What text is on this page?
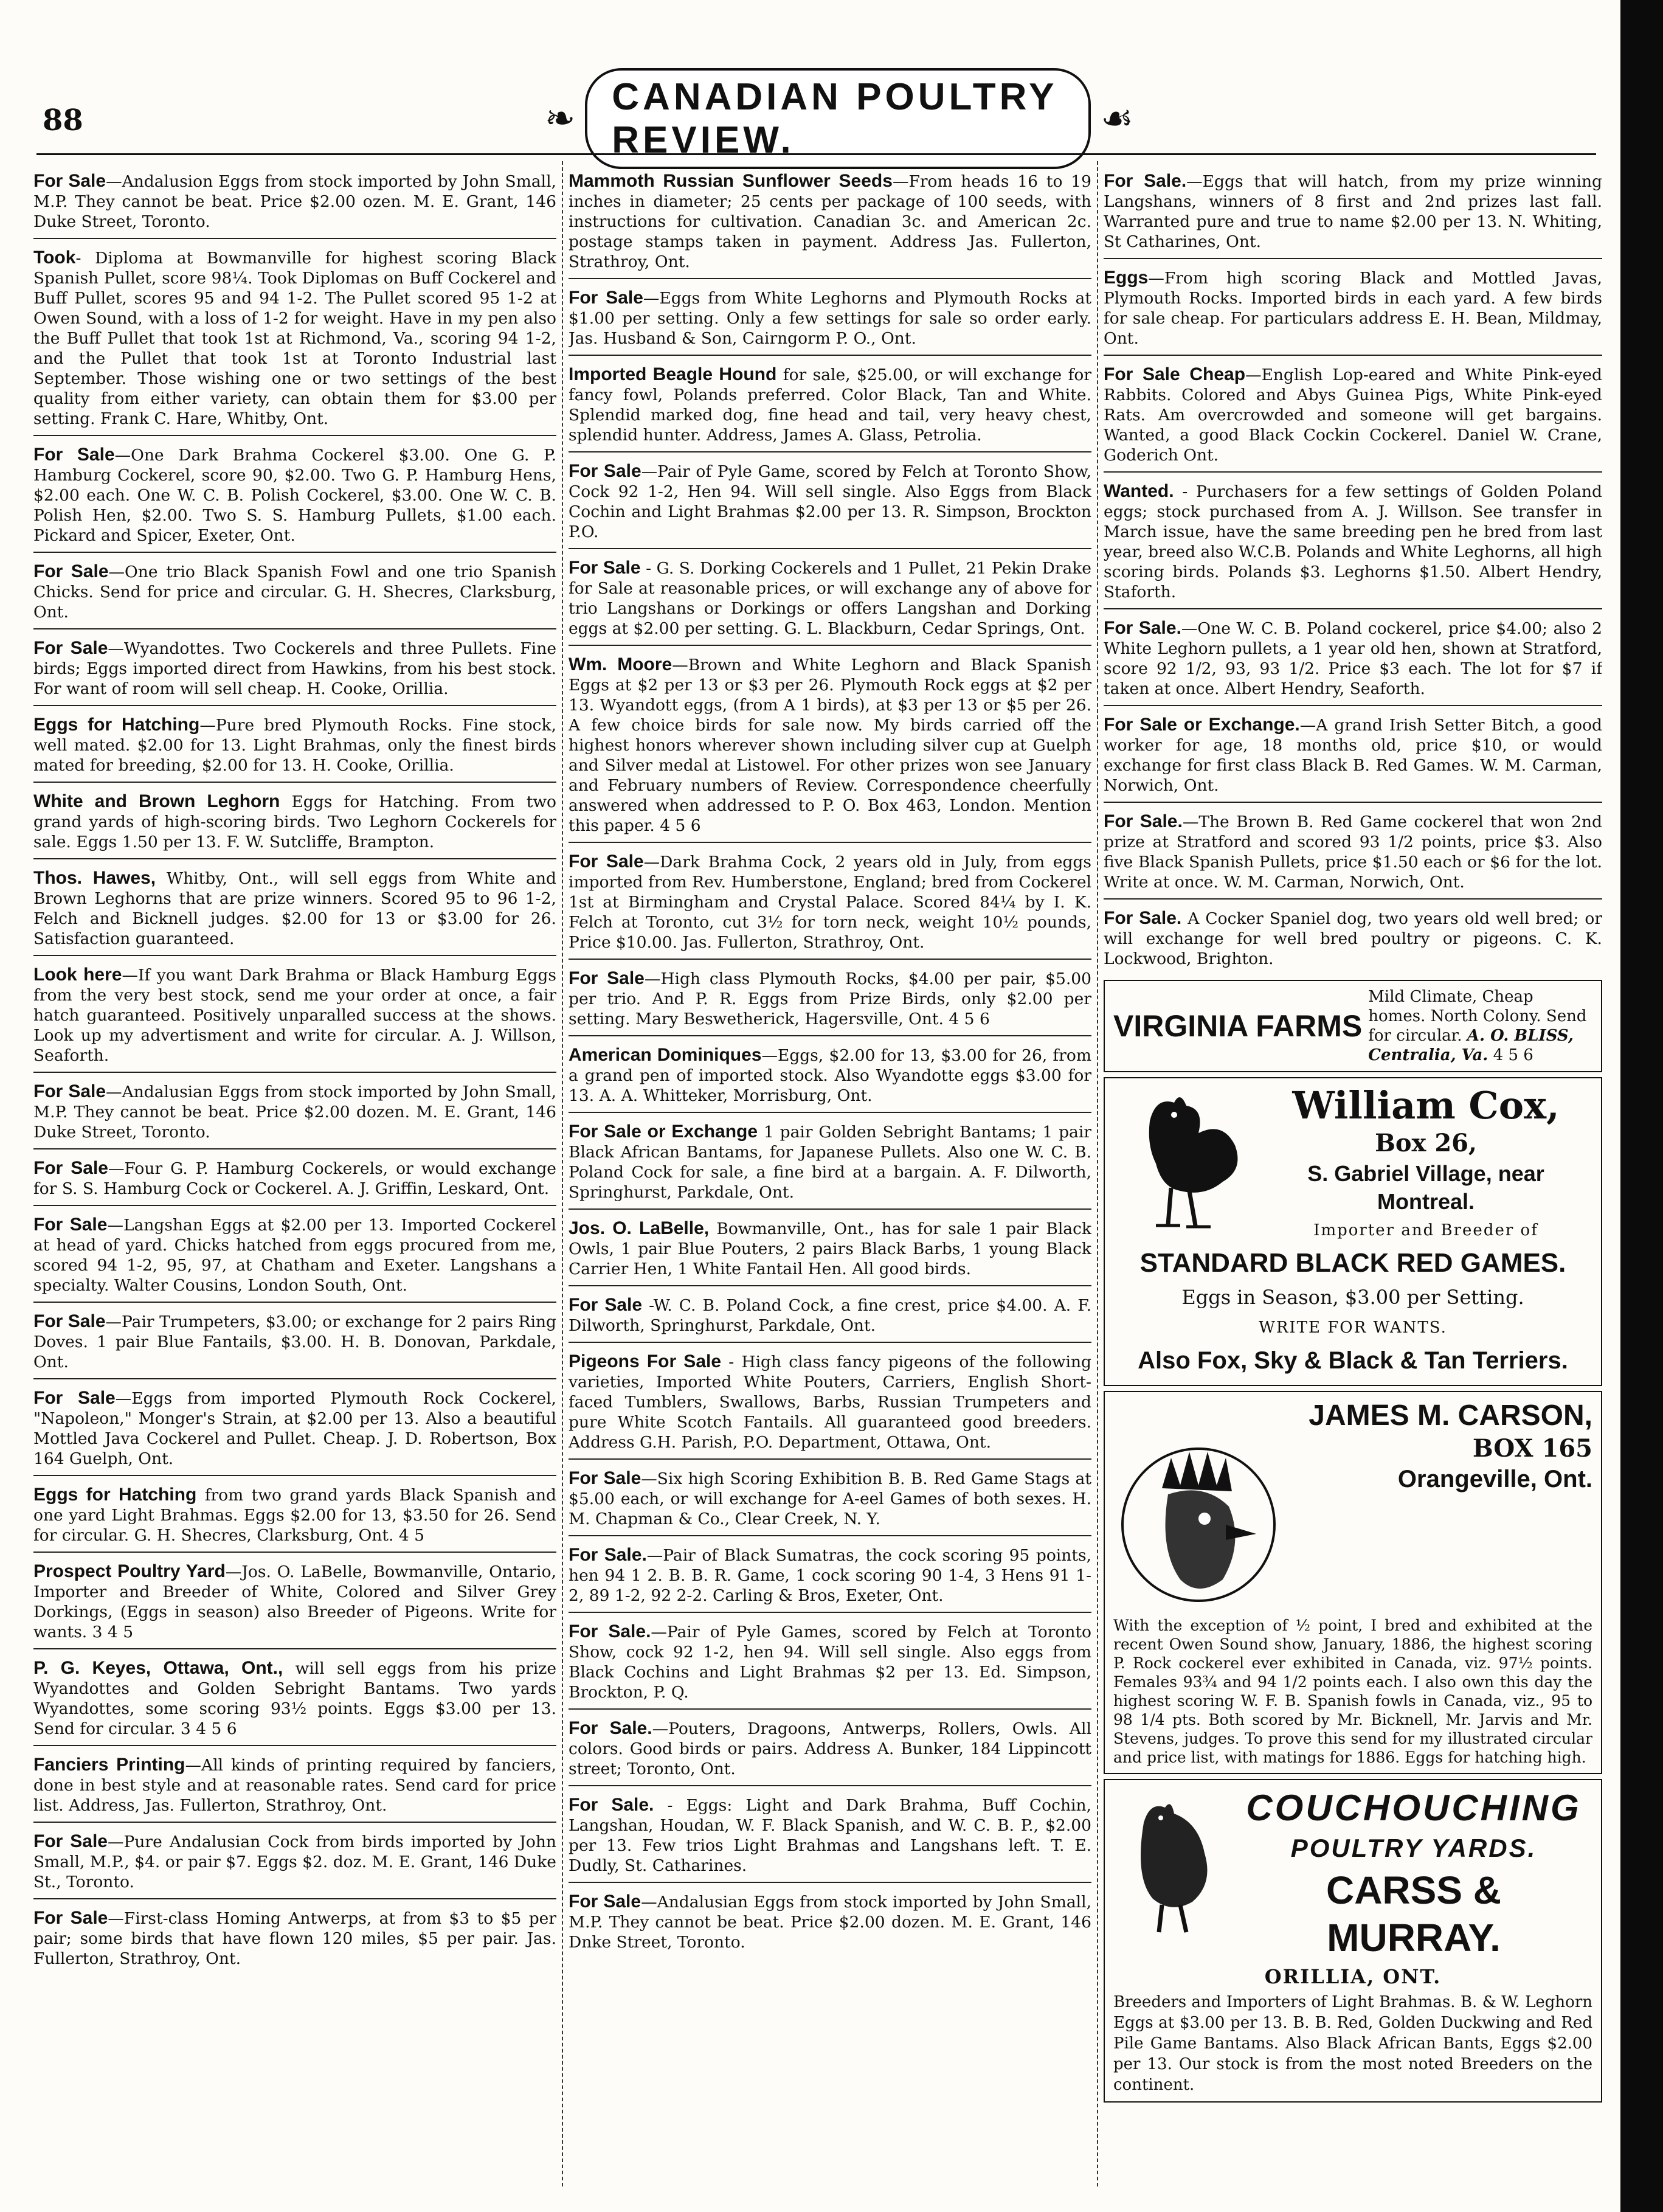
88	❧
CANADIAN POULTRY REVIEW.
☙
For Sale—Andalusion Eggs from stock imported by John Small, M.P. They cannot be beat. Price $2.00 ozen. M. E. Grant, 146 Duke Street, Toronto.
Took- Diploma at Bowmanville for highest scoring Black Spanish Pullet, score 98¼. Took Diplomas on Buff Cockerel and Buff Pullet, scores 95 and 94 1-2. The Pullet scored 95 1-2 at Owen Sound, with a loss of 1-2 for weight. Have in my pen also the Buff Pullet that took 1st at Richmond, Va., scoring 94 1-2, and the Pullet that took 1st at Toronto Industrial last September. Those wishing one or two settings of the best quality from either variety, can obtain them for $3.00 per setting. Frank C. Hare, Whitby, Ont.
For Sale—One Dark Brahma Cockerel $3.00. One G. P. Hamburg Cockerel, score 90, $2.00. Two G. P. Hamburg Hens, $2.00 each. One W. C. B. Polish Cockerel, $3.00. One W. C. B. Polish Hen, $2.00. Two S. S. Hamburg Pullets, $1.00 each. Pickard and Spicer, Exeter, Ont.
For Sale—One trio Black Spanish Fowl and one trio Spanish Chicks. Send for price and circular. G. H. Shecres, Clarksburg, Ont.
For Sale—Wyandottes. Two Cockerels and three Pullets. Fine birds; Eggs imported direct from Hawkins, from his best stock. For want of room will sell cheap. H. Cooke, Orillia.
Eggs for Hatching—Pure bred Plymouth Rocks. Fine stock, well mated. $2.00 for 13. Light Brahmas, only the finest birds mated for breeding, $2.00 for 13. H. Cooke, Orillia.
White and Brown Leghorn Eggs for Hatching. From two grand yards of high-scoring birds. Two Leghorn Cockerels for sale. Eggs 1.50 per 13. F. W. Sutcliffe, Brampton.
Thos. Hawes, Whitby, Ont., will sell eggs from White and Brown Leghorns that are prize winners. Scored 95 to 96 1-2, Felch and Bicknell judges. $2.00 for 13 or $3.00 for 26. Satisfaction guaranteed.
Look here—If you want Dark Brahma or Black Hamburg Eggs from the very best stock, send me your order at once, a fair hatch guaranteed. Positively unparalled success at the shows. Look up my advertisment and write for circular. A. J. Willson, Seaforth.
For Sale—Andalusian Eggs from stock imported by John Small, M.P. They cannot be beat. Price $2.00 dozen. M. E. Grant, 146 Duke Street, Toronto.
For Sale—Four G. P. Hamburg Cockerels, or would exchange for S. S. Hamburg Cock or Cockerel. A. J. Griffin, Leskard, Ont.
For Sale—Langshan Eggs at $2.00 per 13. Imported Cockerel at head of yard. Chicks hatched from eggs procured from me, scored 94 1-2, 95, 97, at Chatham and Exeter. Langshans a specialty. Walter Cousins, London South, Ont.
For Sale—Pair Trumpeters, $3.00; or exchange for 2 pairs Ring Doves. 1 pair Blue Fantails, $3.00. H. B. Donovan, Parkdale, Ont.
For Sale—Eggs from imported Plymouth Rock Cockerel, "Napoleon," Monger's Strain, at $2.00 per 13. Also a beautiful Mottled Java Cockerel and Pullet. Cheap. J. D. Robertson, Box 164 Guelph, Ont.
Eggs for Hatching from two grand yards Black Spanish and one yard Light Brahmas. Eggs $2.00 for 13, $3.50 for 26. Send for circular. G. H. Shecres, Clarksburg, Ont. 4 5
Prospect Poultry Yard—Jos. O. LaBelle, Bowmanville, Ontario, Importer and Breeder of White, Colored and Silver Grey Dorkings, (Eggs in season) also Breeder of Pigeons. Write for wants. 3 4 5
P. G. Keyes, Ottawa, Ont., will sell eggs from his prize Wyandottes and Golden Sebright Bantams. Two yards Wyandottes, some scoring 93½ points. Eggs $3.00 per 13. Send for circular. 3 4 5 6
Fanciers Printing—All kinds of printing required by fanciers, done in best style and at reasonable rates. Send card for price list. Address, Jas. Fullerton, Strathroy, Ont.
For Sale—Pure Andalusian Cock from birds imported by John Small, M.P., $4. or pair $7. Eggs $2. doz. M. E. Grant, 146 Duke St., Toronto.
For Sale—First-class Homing Antwerps, at from $3 to $5 per pair; some birds that have flown 120 miles, $5 per pair. Jas. Fullerton, Strathroy, Ont.
Mammoth Russian Sunflower Seeds—From heads 16 to 19 inches in diameter; 25 cents per package of 100 seeds, with instructions for cultivation. Canadian 3c. and American 2c. postage stamps taken in payment. Address Jas. Fullerton, Strathroy, Ont.
For Sale—Eggs from White Leghorns and Plymouth Rocks at $1.00 per setting. Only a few settings for sale so order early. Jas. Husband & Son, Cairngorm P. O., Ont.
Imported Beagle Hound for sale, $25.00, or will exchange for fancy fowl, Polands preferred. Color Black, Tan and White. Splendid marked dog, fine head and tail, very heavy chest, splendid hunter. Address, James A. Glass, Petrolia.
For Sale—Pair of Pyle Game, scored by Felch at Toronto Show, Cock 92 1-2, Hen 94. Will sell single. Also Eggs from Black Cochin and Light Brahmas $2.00 per 13. R. Simpson, Brockton P.O.
For Sale - G. S. Dorking Cockerels and 1 Pullet, 21 Pekin Drake for Sale at reasonable prices, or will exchange any of above for trio Langshans or Dorkings or offers Langshan and Dorking eggs at $2.00 per setting. G. L. Blackburn, Cedar Springs, Ont.
Wm. Moore—Brown and White Leghorn and Black Spanish Eggs at $2 per 13 or $3 per 26. Plymouth Rock eggs at $2 per 13. Wyandott eggs, (from A 1 birds), at $3 per 13 or $5 per 26. A few choice birds for sale now. My birds carried off the highest honors wherever shown including silver cup at Guelph and Silver medal at Listowel. For other prizes won see January and February numbers of Review. Correspondence cheerfully answered when addressed to P. O. Box 463, London. Mention this paper. 4 5 6
For Sale—Dark Brahma Cock, 2 years old in July, from eggs imported from Rev. Humberstone, England; bred from Cockerel 1st at Birmingham and Crystal Palace. Scored 84¼ by I. K. Felch at Toronto, cut 3½ for torn neck, weight 10½ pounds, Price $10.00. Jas. Fullerton, Strathroy, Ont.
For Sale—High class Plymouth Rocks, $4.00 per pair, $5.00 per trio. And P. R. Eggs from Prize Birds, only $2.00 per setting. Mary Beswetherick, Hagersville, Ont. 4 5 6
American Dominiques—Eggs, $2.00 for 13, $3.00 for 26, from a grand pen of imported stock. Also Wyandotte eggs $3.00 for 13. A. A. Whitteker, Morrisburg, Ont.
For Sale or Exchange 1 pair Golden Sebright Bantams; 1 pair Black African Bantams, for Japanese Pullets. Also one W. C. B. Poland Cock for sale, a fine bird at a bargain. A. F. Dilworth, Springhurst, Parkdale, Ont.
Jos. O. LaBelle, Bowmanville, Ont., has for sale 1 pair Black Owls, 1 pair Blue Pouters, 2 pairs Black Barbs, 1 young Black Carrier Hen, 1 White Fantail Hen. All good birds.
For Sale -W. C. B. Poland Cock, a fine crest, price $4.00. A. F. Dilworth, Springhurst, Parkdale, Ont.
Pigeons For Sale - High class fancy pigeons of the following varieties, Imported White Pouters, Carriers, English Short-faced Tumblers, Swallows, Barbs, Russian Trumpeters and pure White Scotch Fantails. All guaranteed good breeders. Address G.H. Parish, P.O. Department, Ottawa, Ont.
For Sale—Six high Scoring Exhibition B. B. Red Game Stags at $5.00 each, or will exchange for A-eel Games of both sexes. H. M. Chapman & Co., Clear Creek, N. Y.
For Sale.—Pair of Black Sumatras, the cock scoring 95 points, hen 94 1 2. B. B. R. Game, 1 cock scoring 90 1-4, 3 Hens 91 1-2, 89 1-2, 92 2-2. Carling & Bros, Exeter, Ont.
For Sale.—Pair of Pyle Games, scored by Felch at Toronto Show, cock 92 1-2, hen 94. Will sell single. Also eggs from Black Cochins and Light Brahmas $2 per 13. Ed. Simpson, Brockton, P. Q.
For Sale.—Pouters, Dragoons, Antwerps, Rollers, Owls. All colors. Good birds or pairs. Address A. Bunker, 184 Lippincott street; Toronto, Ont.
For Sale. - Eggs: Light and Dark Brahma, Buff Cochin, Langshan, Houdan, W. F. Black Spanish, and W. C. B. P., $2.00 per 13. Few trios Light Brahmas and Langshans left. T. E. Dudly, St. Catharines.
For Sale—Andalusian Eggs from stock imported by John Small, M.P. They cannot be beat. Price $2.00 dozen. M. E. Grant, 146 Dnke Street, Toronto.
For Sale.—Eggs that will hatch, from my prize winning Langshans, winners of 8 first and 2nd prizes last fall. Warranted pure and true to name $2.00 per 13. N. Whiting, St Catharines, Ont.
Eggs—From high scoring Black and Mottled Javas, Plymouth Rocks. Imported birds in each yard. A few birds for sale cheap. For particulars address E. H. Bean, Mildmay, Ont.
For Sale Cheap—English Lop-eared and White Pink-eyed Rabbits. Colored and Abys Guinea Pigs, White Pink-eyed Rats. Am overcrowded and someone will get bargains. Wanted, a good Black Cockin Cockerel. Daniel W. Crane, Goderich Ont.
Wanted. - Purchasers for a few settings of Golden Poland eggs; stock purchased from A. J. Willson. See transfer in March issue, have the same breeding pen he bred from last year, breed also W.C.B. Polands and White Leghorns, all high scoring birds. Polands $3. Leghorns $1.50. Albert Hendry, Staforth.
For Sale.—One W. C. B. Poland cockerel, price $4.00; also 2 White Leghorn pullets, a 1 year old hen, shown at Stratford, score 92 1/2, 93, 93 1/2. Price $3 each. The lot for $7 if taken at once. Albert Hendry, Seaforth.
For Sale or Exchange.—A grand Irish Setter Bitch, a good worker for age, 18 months old, price $10, or would exchange for first class Black B. Red Games. W. M. Carman, Norwich, Ont.
For Sale.—The Brown B. Red Game cockerel that won 2nd prize at Stratford and scored 93 1/2 points, price $3. Also five Black Spanish Pullets, price $1.50 each or $6 for the lot. Write at once. W. M. Carman, Norwich, Ont.
For Sale. A Cocker Spaniel dog, two years old well bred; or will exchange for well bred poultry or pigeons. C. K. Lockwood, Brighton.
VIRGINIA FARMS
Mild Climate, Cheap homes. North Colony. Send for circular. A. O. BLISS, Centralia, Va. 4 5 6
William Cox,
Box 26,
S. Gabriel Village, near Montreal.
Importer and Breeder of
STANDARD BLACK RED GAMES.
Eggs in Season, $3.00 per Setting.
WRITE FOR WANTS.
Also Fox, Sky & Black & Tan Terriers.
JAMES M. CARSON,
BOX 165
Orangeville, Ont.
With the exception of ½ point, I bred and exhibited at the recent Owen Sound show, January, 1886, the highest scoring P. Rock cockerel ever exhibited in Canada, viz. 97½ points. Females 93¾ and 94 1/2 points each. I also own this day the highest scoring W. F. B. Spanish fowls in Canada, viz., 95 to 98 1/4 pts. Both scored by Mr. Bicknell, Mr. Jarvis and Mr. Stevens, judges. To prove this send for my illustrated circular and price list, with matings for 1886. Eggs for hatching high.
COUCHOUCHING
POULTRY YARDS.
CARSS & MURRAY.
ORILLIA, ONT.
Breeders and Importers of Light Brahmas. B. & W. Leghorn Eggs at $3.00 per 13. B. B. Red, Golden Duckwing and Red Pile Game Bantams. Also Black African Bants, Eggs $2.00 per 13. Our stock is from the most noted Breeders on the continent.
